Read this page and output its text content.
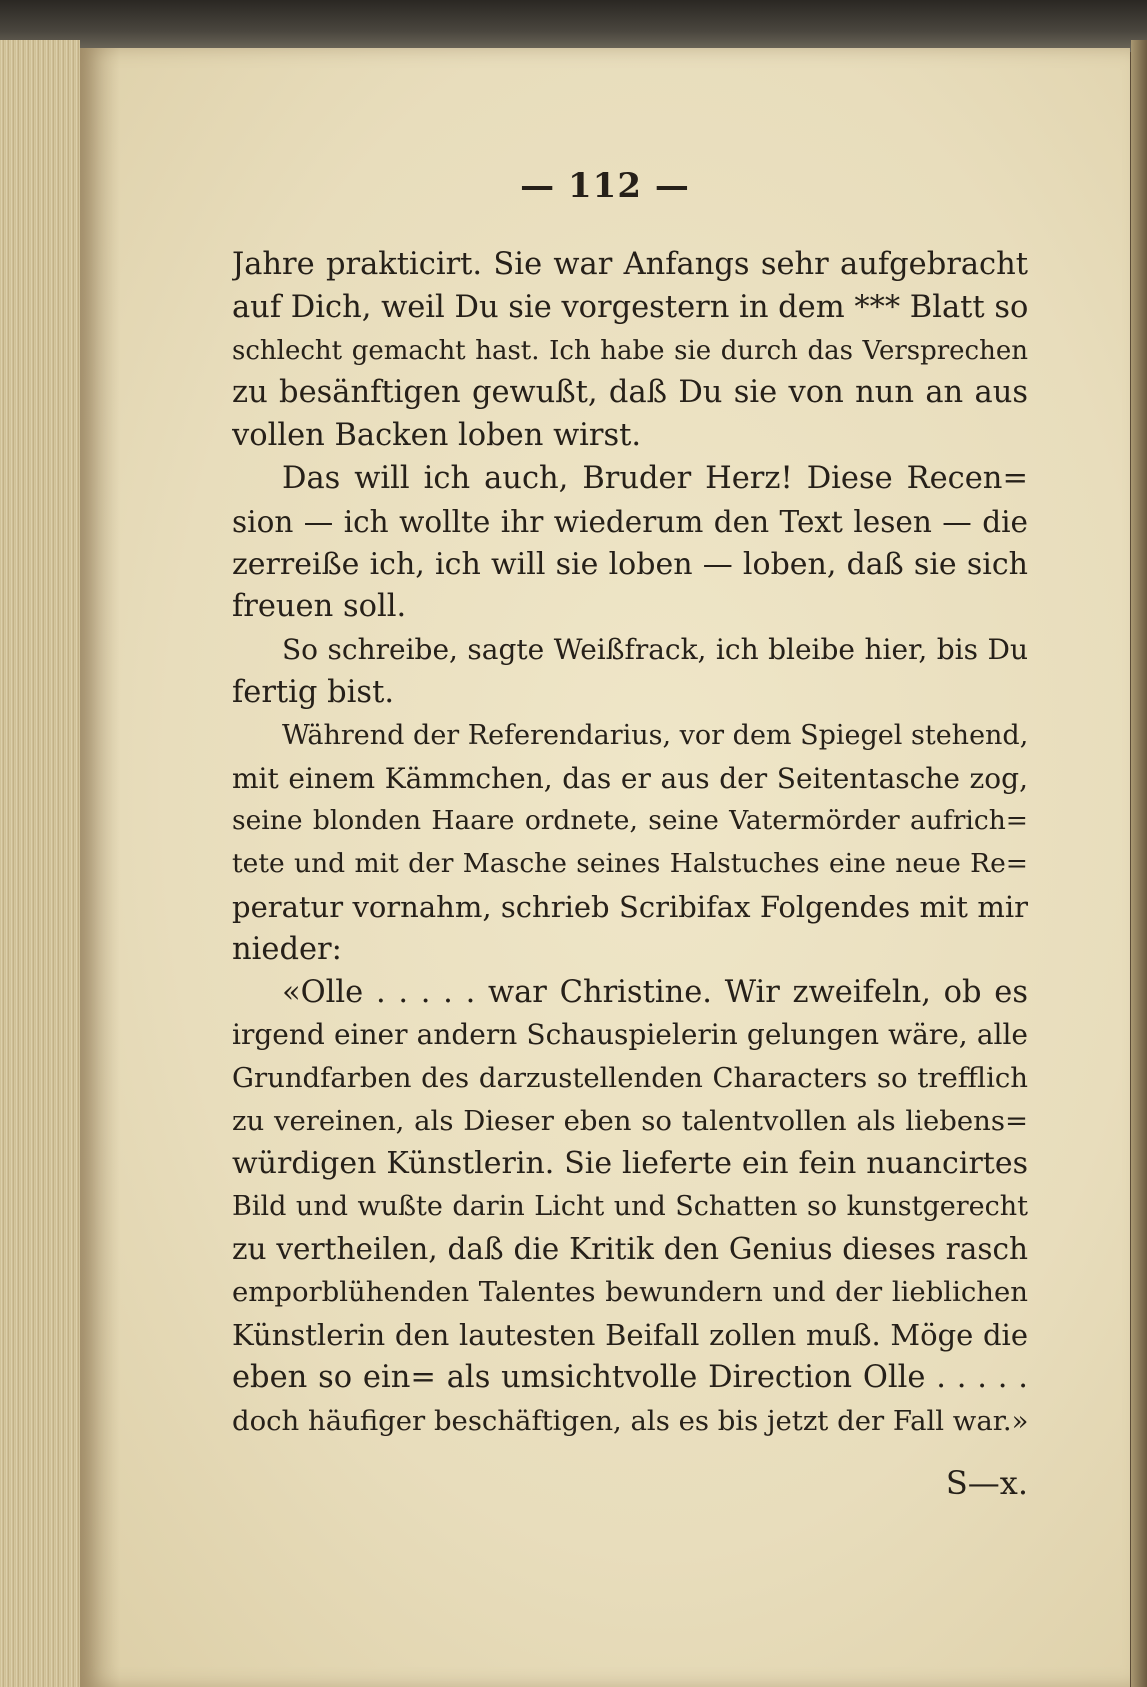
— 112 —
Jahre prakticirt. Sie war Anfangs sehr aufgebracht
auf Dich, weil Du sie vorgestern in dem *** Blatt so
schlecht gemacht hast. Ich habe sie durch das Versprechen
zu besänftigen gewußt, daß Du sie von nun an aus
vollen Backen loben wirst.
Das will ich auch, Bruder Herz! Diese Recen=
sion — ich wollte ihr wiederum den Text lesen — die
zerreiße ich, ich will sie loben — loben, daß sie sich
freuen soll.
So schreibe, sagte Weißfrack, ich bleibe hier, bis Du
fertig bist.
Während der Referendarius, vor dem Spiegel stehend,
mit einem Kämmchen, das er aus der Seitentasche zog,
seine blonden Haare ordnete, seine Vatermörder aufrich=
tete und mit der Masche seines Halstuches eine neue Re=
peratur vornahm, schrieb Scribifax Folgendes mit mir
nieder:
«Olle . . . . . war Christine. Wir zweifeln, ob es
irgend einer andern Schauspielerin gelungen wäre, alle
Grundfarben des darzustellenden Characters so trefflich
zu vereinen, als Dieser eben so talentvollen als liebens=
würdigen Künstlerin. Sie lieferte ein fein nuancirtes
Bild und wußte darin Licht und Schatten so kunstgerecht
zu vertheilen, daß die Kritik den Genius dieses rasch
emporblühenden Talentes bewundern und der lieblichen
Künstlerin den lautesten Beifall zollen muß. Möge die
eben so ein= als umsichtvolle Direction Olle . . . . .
doch häufiger beschäftigen, als es bis jetzt der Fall war.»
S—x.
